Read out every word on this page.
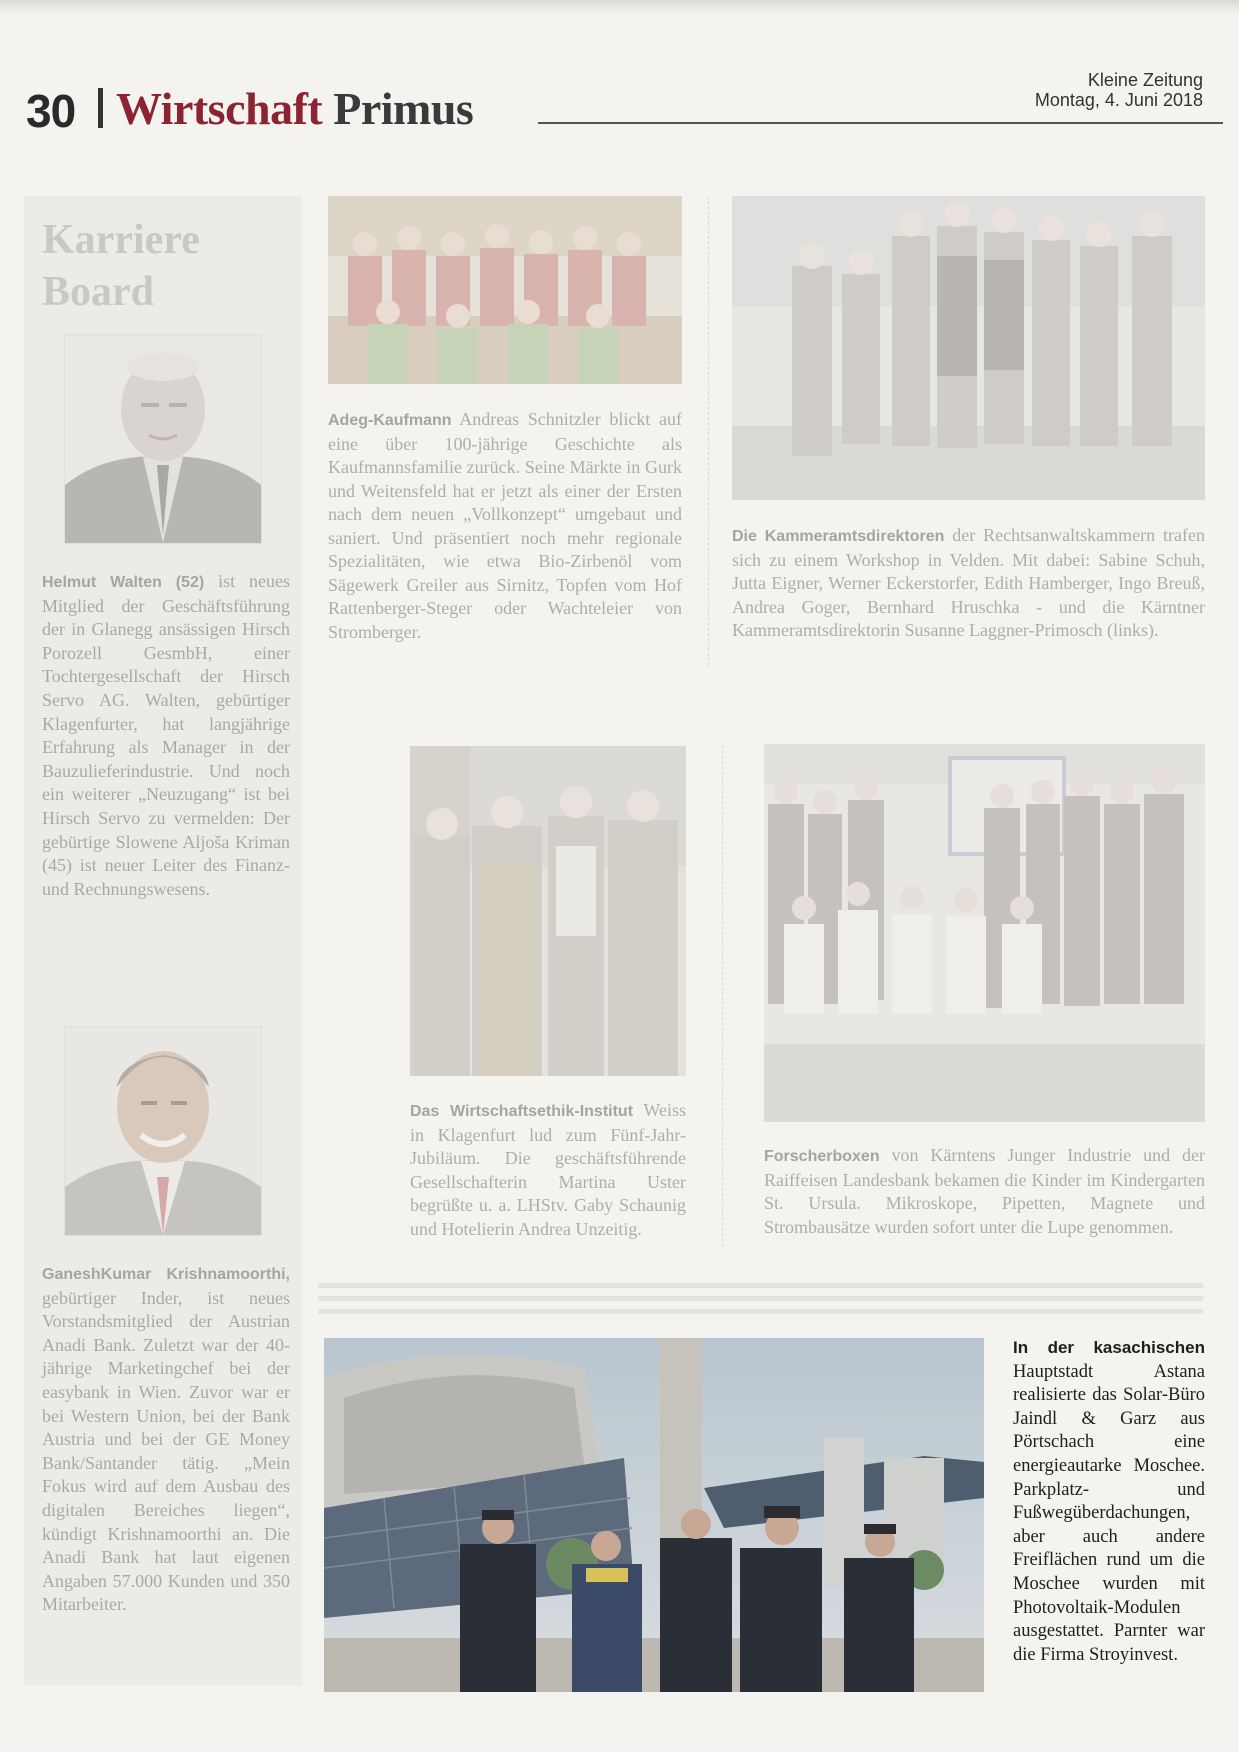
30 Wirtschaft Primus
Kleine Zeitung
Montag, 4. Juni 2018
Karriere
Board
Helmut Walten (52) ist neues Mitglied der Geschäftsführung der in Glanegg ansässigen Hirsch Porozell GesmbH, einer Tochtergesellschaft der Hirsch Servo AG. Walten, gebürtiger Klagenfurter, hat langjährige Erfahrung als Manager in der Bauzulieferindustrie. Und noch ein weiterer „Neuzugang“ ist bei Hirsch Servo zu vermelden: Der gebürtige Slowene Aljoša Kriman (45) ist neuer Leiter des Finanz- und Rechnungswesens.
GaneshKumar Krishnamoorthi, gebürtiger Inder, ist neues Vorstandsmitglied der Austrian Anadi Bank. Zuletzt war der 40-jährige Marketingchef bei der easybank in Wien. Zuvor war er bei Western Union, bei der Bank Austria und bei der GE Money Bank/Santander tätig. „Mein Fokus wird auf dem Ausbau des digitalen Bereiches liegen“, kündigt Krishnamoorthi an. Die Anadi Bank hat laut eigenen Angaben 57.000 Kunden und 350 Mitarbeiter.
Adeg-Kaufmann Andreas Schnitzler blickt auf eine über 100-jährige Geschichte als Kaufmannsfamilie zurück. Seine Märkte in Gurk und Weitensfeld hat er jetzt als einer der Ersten nach dem neuen „Vollkonzept“ umgebaut und saniert. Und präsentiert noch mehr regionale Spezialitäten, wie etwa Bio-Zirbenöl vom Sägewerk Greiler aus Sirnitz, Topfen vom Hof Rattenberger-Steger oder Wachteleier von Stromberger.
Die Kammeramtsdirektoren der Rechtsanwaltskammern trafen sich zu einem Workshop in Velden. Mit dabei: Sabine Schuh, Jutta Eigner, Werner Eckerstorfer, Edith Hamberger, Ingo Breuß, Andrea Goger, Bernhard Hruschka - und die Kärntner Kammeramtsdirektorin Susanne Laggner-Primosch (links).
Das Wirtschaftsethik-Institut Weiss in Klagenfurt lud zum Fünf-Jahr-Jubiläum. Die geschäftsführende Gesellschafterin Martina Uster begrüßte u. a. LHStv. Gaby Schaunig und Hotelierin Andrea Unzeitig.
Forscherboxen von Kärntens Junger Industrie und der Raiffeisen Landesbank bekamen die Kinder im Kindergarten St. Ursula. Mikroskope, Pipetten, Magnete und Strombausätze wurden sofort unter die Lupe genommen.
In der kasachischen Hauptstadt Astana realisierte das Solar-Büro Jaindl & Garz aus Pörtschach eine energieautarke Moschee. Parkplatz- und Fußwegüberdachungen, aber auch andere Freiflächen rund um die Moschee wurden mit Photovoltaik-Modulen ausgestattet. Parnter war die Firma Stroyinvest.
